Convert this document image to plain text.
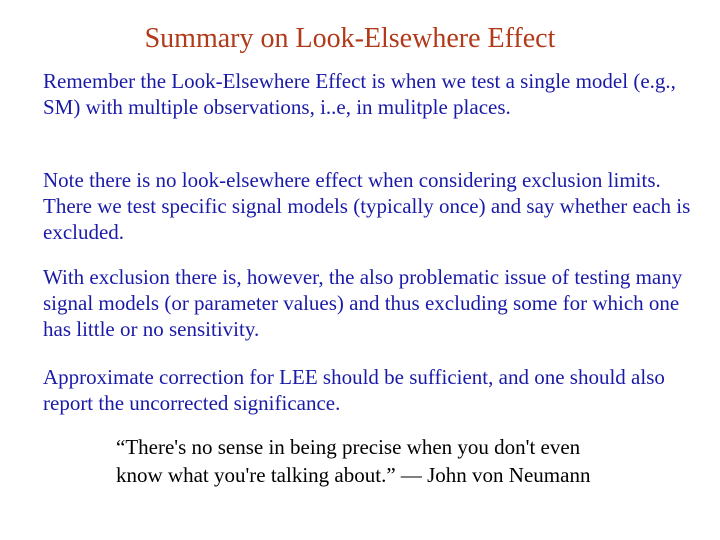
Summary on Look-Elsewhere Effect

Remember the Look-Elsewhere Effect is when we test a single model (e.g., SM) with multiple observations, i..e, in mulitple places.

Note there is no look-elsewhere effect when considering exclusion limits. There we test specific signal models (typically once) and say whether each is excluded.

With exclusion there is, however, the also problematic issue of testing many signal models (or parameter values) and thus excluding some for which one has little or no sensitivity.

Approximate correction for LEE should be sufficient, and one should also report the uncorrected significance.

“There's no sense in being precise when you don't even
know what you're talking about.” — John von Neumann
